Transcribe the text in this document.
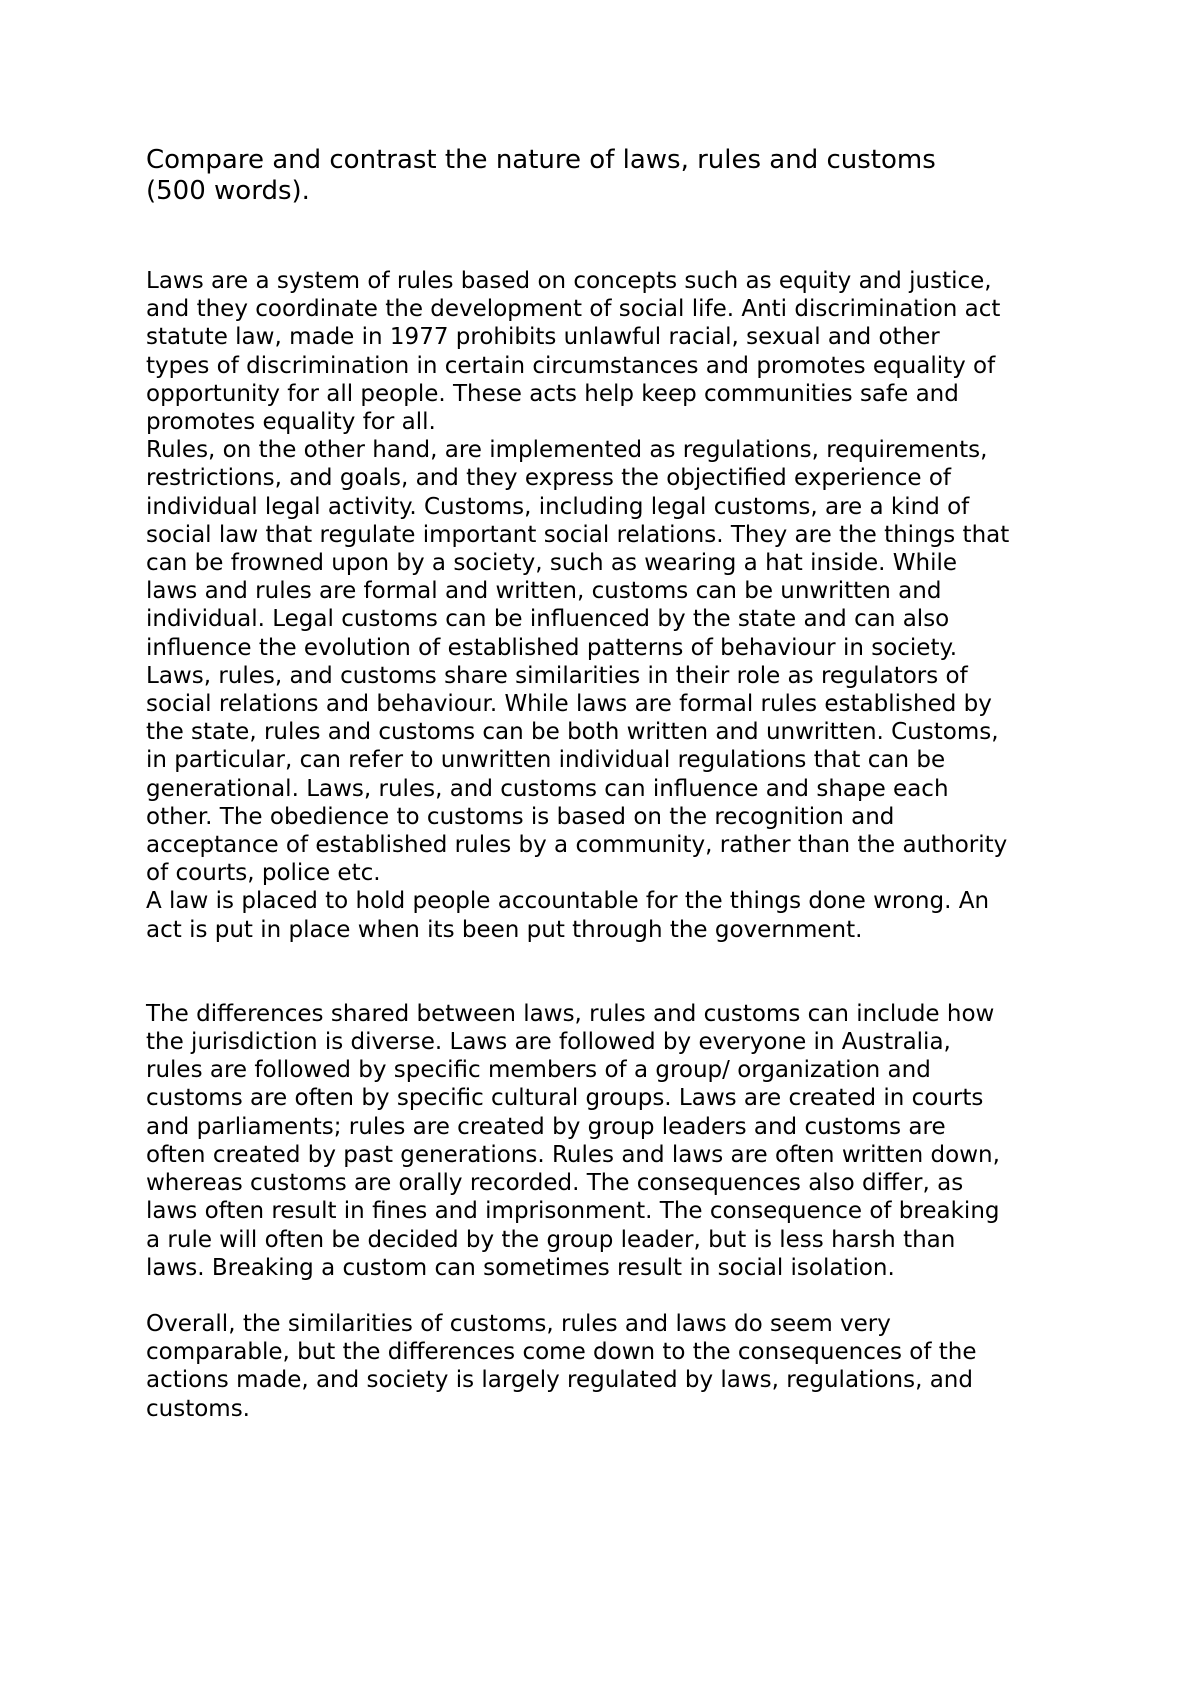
Compare and contrast the nature of laws, rules and customs
(500 words).

Laws are a system of rules based on concepts such as equity and justice,
and they coordinate the development of social life. Anti discrimination act
statute law, made in 1977 prohibits unlawful racial, sexual and other
types of discrimination in certain circumstances and promotes equality of
opportunity for all people. These acts help keep communities safe and
promotes equality for all.
Rules, on the other hand, are implemented as regulations, requirements,
restrictions, and goals, and they express the objectified experience of
individual legal activity. Customs, including legal customs, are a kind of
social law that regulate important social relations. They are the things that
can be frowned upon by a society, such as wearing a hat inside. While
laws and rules are formal and written, customs can be unwritten and
individual. Legal customs can be influenced by the state and can also
influence the evolution of established patterns of behaviour in society.
Laws, rules, and customs share similarities in their role as regulators of
social relations and behaviour. While laws are formal rules established by
the state, rules and customs can be both written and unwritten. Customs,
in particular, can refer to unwritten individual regulations that can be
generational. Laws, rules, and customs can influence and shape each
other. The obedience to customs is based on the recognition and
acceptance of established rules by a community, rather than the authority
of courts, police etc.
A law is placed to hold people accountable for the things done wrong. An
act is put in place when its been put through the government.

The differences shared between laws, rules and customs can include how
the jurisdiction is diverse. Laws are followed by everyone in Australia,
rules are followed by specific members of a group/ organization and
customs are often by specific cultural groups. Laws are created in courts
and parliaments; rules are created by group leaders and customs are
often created by past generations. Rules and laws are often written down,
whereas customs are orally recorded. The consequences also differ, as
laws often result in fines and imprisonment. The consequence of breaking
a rule will often be decided by the group leader, but is less harsh than
laws. Breaking a custom can sometimes result in social isolation.

Overall, the similarities of customs, rules and laws do seem very
comparable, but the differences come down to the consequences of the
actions made, and society is largely regulated by laws, regulations, and
customs.
